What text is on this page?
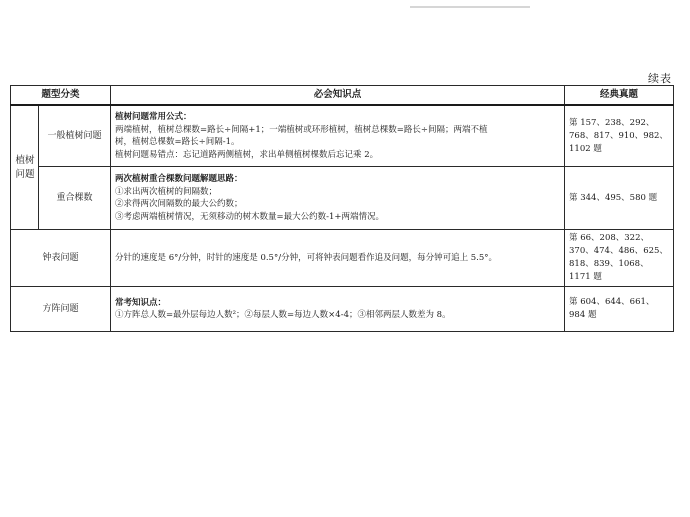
续表
题型分类		必会知识点	经典真题
植树问题	一般植树问题	植树问题常用公式：
两端植树，植树总棵数=路长÷间隔+1；一端植树或环形植树，植树总棵数=路长÷间隔；两端不植
树，植树总棵数=路长÷间隔-1。
植树问题易错点：忘记道路两侧植树，求出单侧植树棵数后忘记乘 2。	第 157、238、292、768、817、910、982、1102 题
	重合棵数	两次植树重合棵数问题解题思路：
①求出两次植树的间隔数；
②求得两次间隔数的最大公约数；
③考虑两端植树情况，无须移动的树木数量=最大公约数-1+两端情况。	第 344、495、580 题
钟表问题		分针的速度是 6°/分钟，时针的速度是 0.5°/分钟，可将钟表问题看作追及问题，每分钟可追上 5.5°。	第 66、208、322、370、474、486、625、818、839、1068、1171 题
方阵问题		常考知识点：
①方阵总人数=最外层每边人数²；②每层人数=每边人数×4-4；③相邻两层人数差为 8。	第 604、644、661、984 题
